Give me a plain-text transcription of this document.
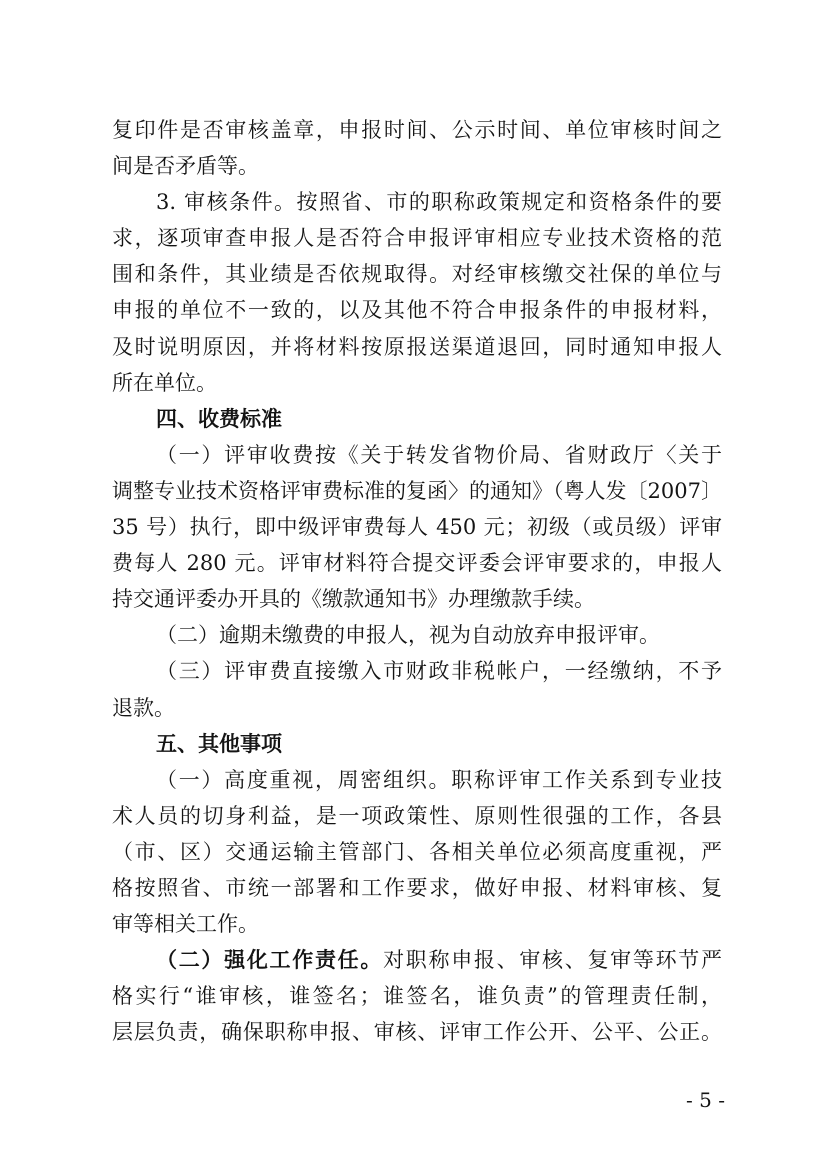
复印件是否审核盖章，申报时间、公示时间、单位审核时间之
间是否矛盾等。
3. 审核条件。按照省、市的职称政策规定和资格条件的要
求，逐项审查申报人是否符合申报评审相应专业技术资格的范
围和条件，其业绩是否依规取得。对经审核缴交社保的单位与
申报的单位不一致的，以及其他不符合申报条件的申报材料，
及时说明原因，并将材料按原报送渠道退回，同时通知申报人
所在单位。
四、收费标准
（一）评审收费按《关于转发省物价局、省财政厅〈关于
调整专业技术资格评审费标准的复函〉的通知》（粤人发〔2007〕
35 号）执行，即中级评审费每人 450 元；初级（或员级）评审
费每人 280 元。评审材料符合提交评委会评审要求的，申报人
持交通评委办开具的《缴款通知书》办理缴款手续。
（二）逾期未缴费的申报人，视为自动放弃申报评审。
（三）评审费直接缴入市财政非税帐户，一经缴纳，不予
退款。
五、其他事项
（一）高度重视，周密组织。职称评审工作关系到专业技
术人员的切身利益，是一项政策性、原则性很强的工作，各县
（市、区）交通运输主管部门、各相关单位必须高度重视，严
格按照省、市统一部署和工作要求，做好申报、材料审核、复
审等相关工作。
（二）强化工作责任。对职称申报、审核、复审等环节严
格实行“谁审核，谁签名；谁签名，谁负责”的管理责任制，
层层负责，确保职称申报、审核、评审工作公开、公平、公正。
- 5 -
